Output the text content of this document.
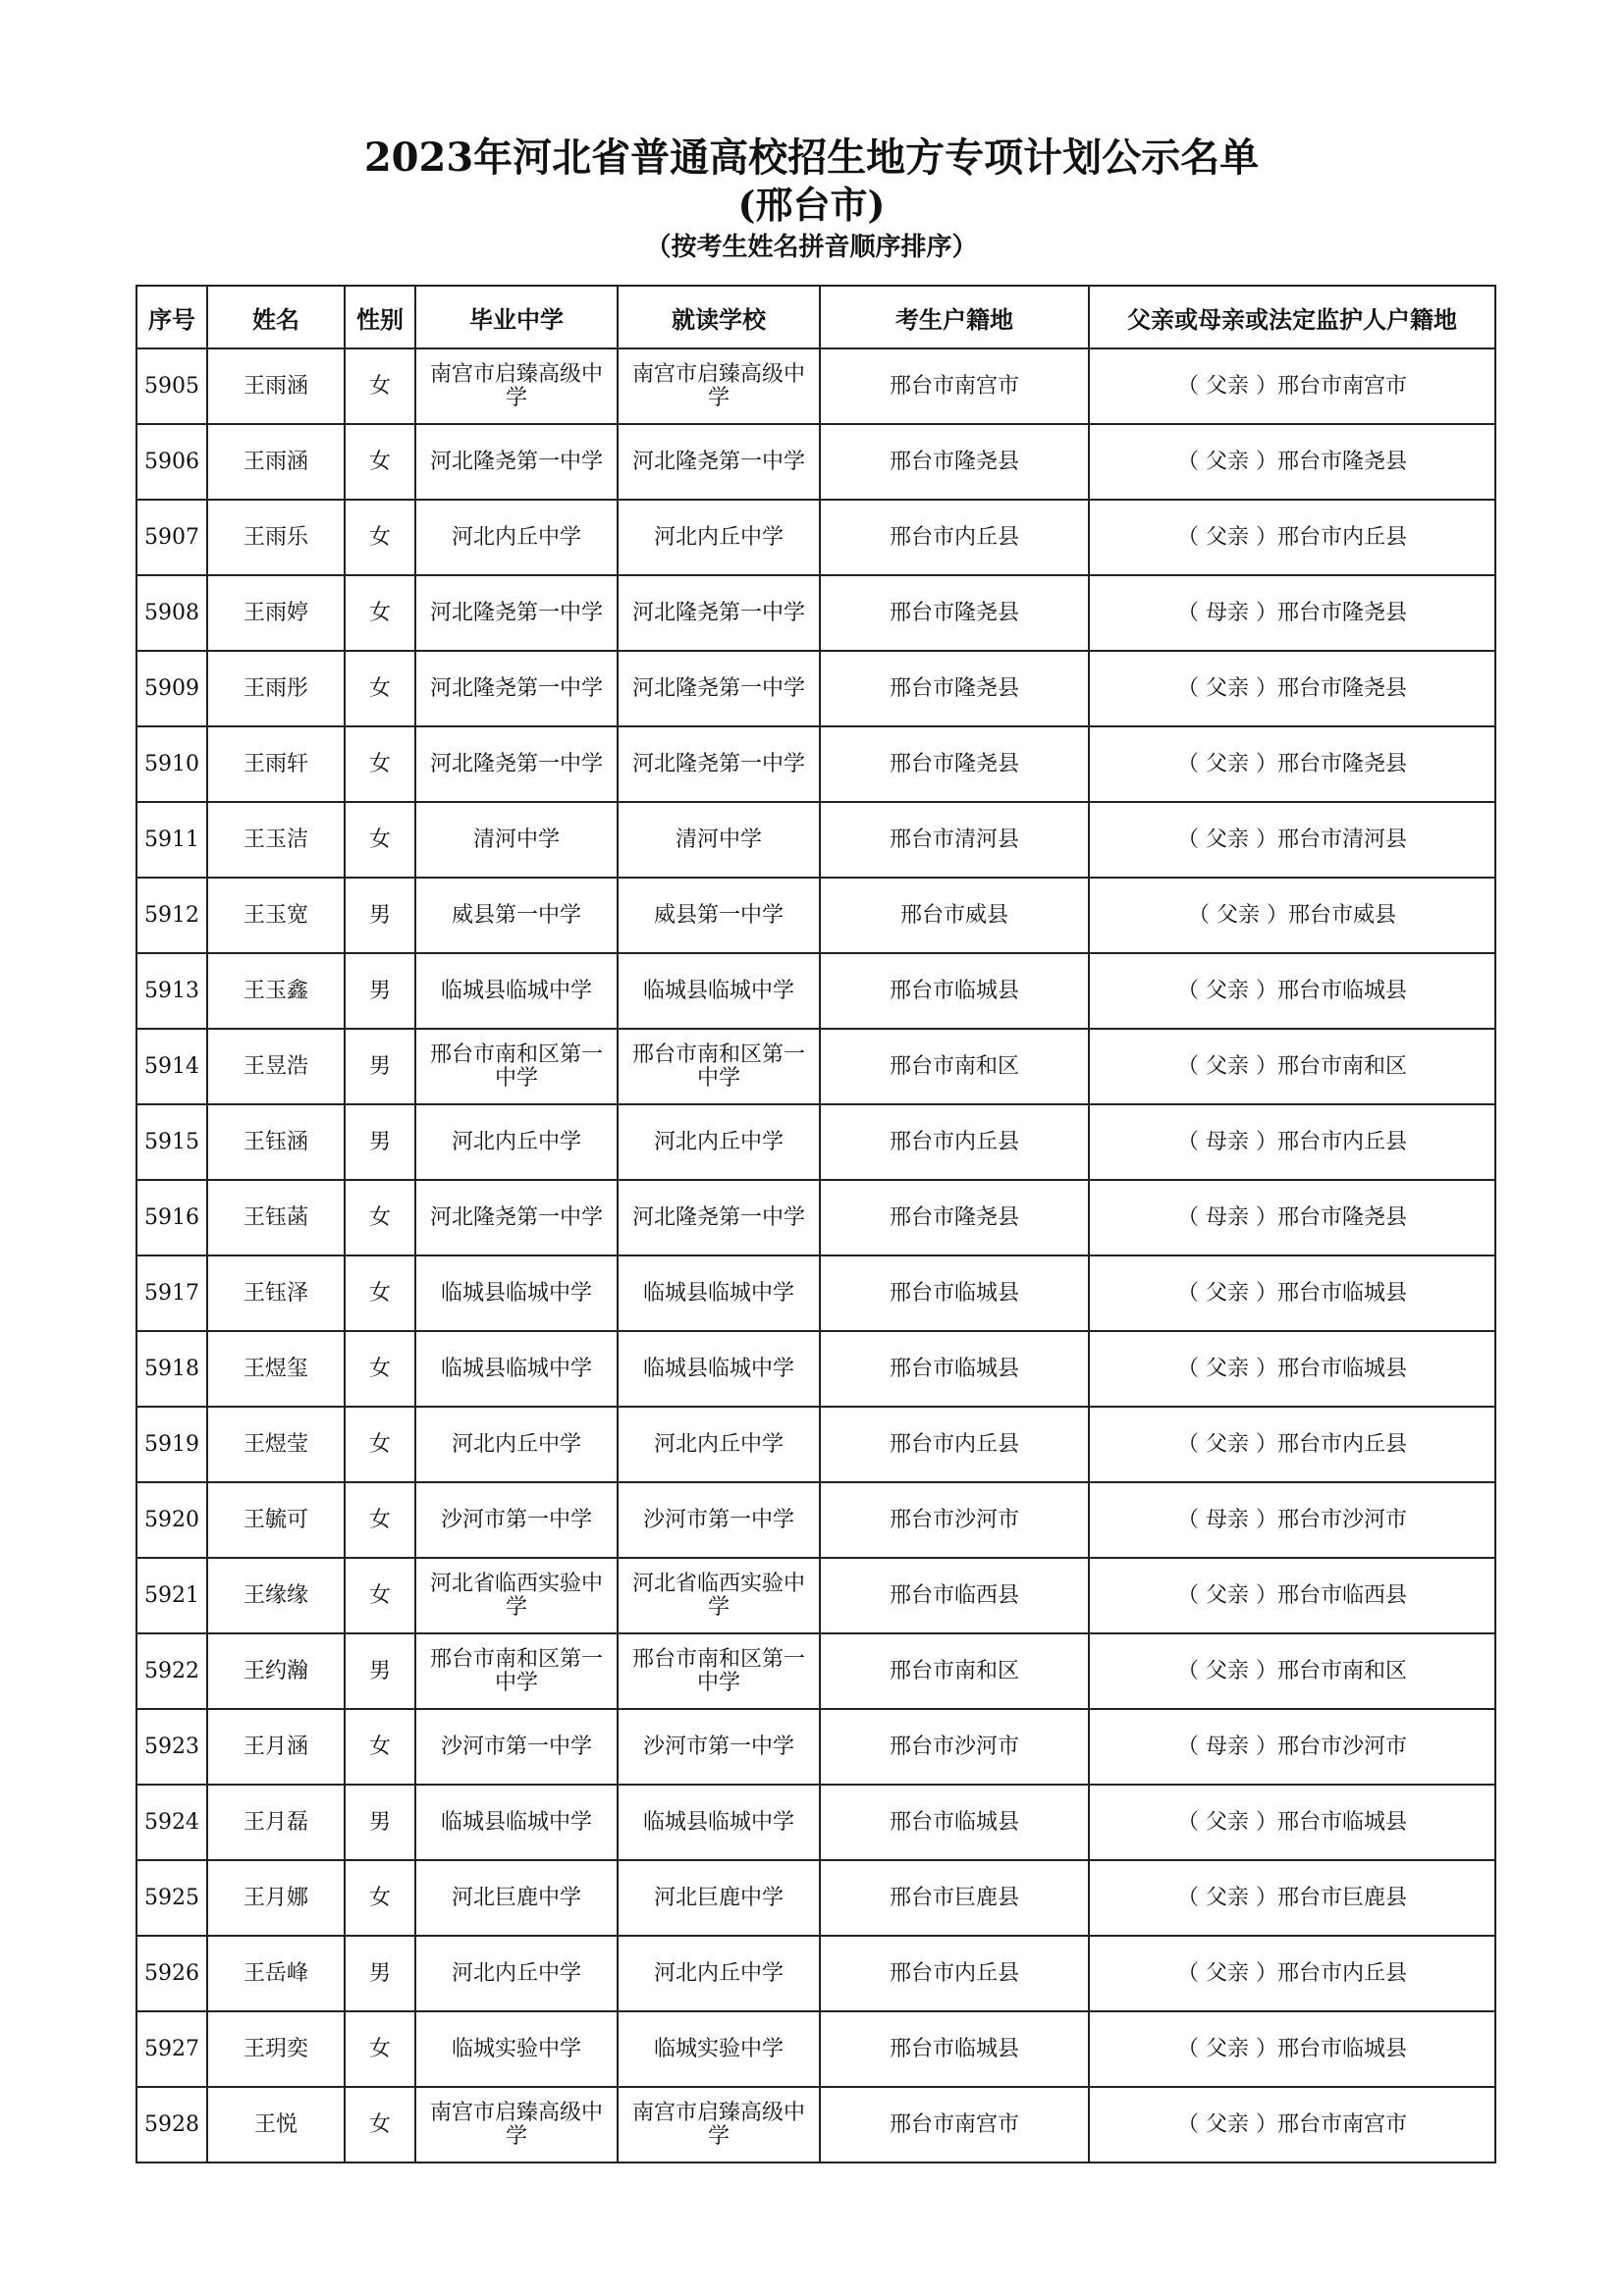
2023年河北省普通高校招生地方专项计划公示名单
(邢台市)
（按考生姓名拼音顺序排序）
序号	姓名	性别	毕业中学	就读学校	考生户籍地	父亲或母亲或法定监护人户籍地
5905	王雨涵	女	南宫市启臻高级中学	南宫市启臻高级中学	邢台市南宫市	（ 父亲 ）邢台市南宫市
5906	王雨涵	女	河北隆尧第一中学	河北隆尧第一中学	邢台市隆尧县	（ 父亲 ）邢台市隆尧县
5907	王雨乐	女	河北内丘中学	河北内丘中学	邢台市内丘县	（ 父亲 ）邢台市内丘县
5908	王雨婷	女	河北隆尧第一中学	河北隆尧第一中学	邢台市隆尧县	（ 母亲 ）邢台市隆尧县
5909	王雨彤	女	河北隆尧第一中学	河北隆尧第一中学	邢台市隆尧县	（ 父亲 ）邢台市隆尧县
5910	王雨轩	女	河北隆尧第一中学	河北隆尧第一中学	邢台市隆尧县	（ 父亲 ）邢台市隆尧县
5911	王玉洁	女	清河中学	清河中学	邢台市清河县	（ 父亲 ）邢台市清河县
5912	王玉宽	男	威县第一中学	威县第一中学	邢台市威县	（ 父亲 ）邢台市威县
5913	王玉鑫	男	临城县临城中学	临城县临城中学	邢台市临城县	（ 父亲 ）邢台市临城县
5914	王昱浩	男	邢台市南和区第一中学	邢台市南和区第一中学	邢台市南和区	（ 父亲 ）邢台市南和区
5915	王钰涵	男	河北内丘中学	河北内丘中学	邢台市内丘县	（ 母亲 ）邢台市内丘县
5916	王钰菡	女	河北隆尧第一中学	河北隆尧第一中学	邢台市隆尧县	（ 母亲 ）邢台市隆尧县
5917	王钰泽	女	临城县临城中学	临城县临城中学	邢台市临城县	（ 父亲 ）邢台市临城县
5918	王煜玺	女	临城县临城中学	临城县临城中学	邢台市临城县	（ 父亲 ）邢台市临城县
5919	王煜莹	女	河北内丘中学	河北内丘中学	邢台市内丘县	（ 父亲 ）邢台市内丘县
5920	王毓可	女	沙河市第一中学	沙河市第一中学	邢台市沙河市	（ 母亲 ）邢台市沙河市
5921	王缘缘	女	河北省临西实验中学	河北省临西实验中学	邢台市临西县	（ 父亲 ）邢台市临西县
5922	王约瀚	男	邢台市南和区第一中学	邢台市南和区第一中学	邢台市南和区	（ 父亲 ）邢台市南和区
5923	王月涵	女	沙河市第一中学	沙河市第一中学	邢台市沙河市	（ 母亲 ）邢台市沙河市
5924	王月磊	男	临城县临城中学	临城县临城中学	邢台市临城县	（ 父亲 ）邢台市临城县
5925	王月娜	女	河北巨鹿中学	河北巨鹿中学	邢台市巨鹿县	（ 父亲 ）邢台市巨鹿县
5926	王岳峰	男	河北内丘中学	河北内丘中学	邢台市内丘县	（ 父亲 ）邢台市内丘县
5927	王玥奕	女	临城实验中学	临城实验中学	邢台市临城县	（ 父亲 ）邢台市临城县
5928	王悦	女	南宫市启臻高级中学	南宫市启臻高级中学	邢台市南宫市	（ 父亲 ）邢台市南宫市
